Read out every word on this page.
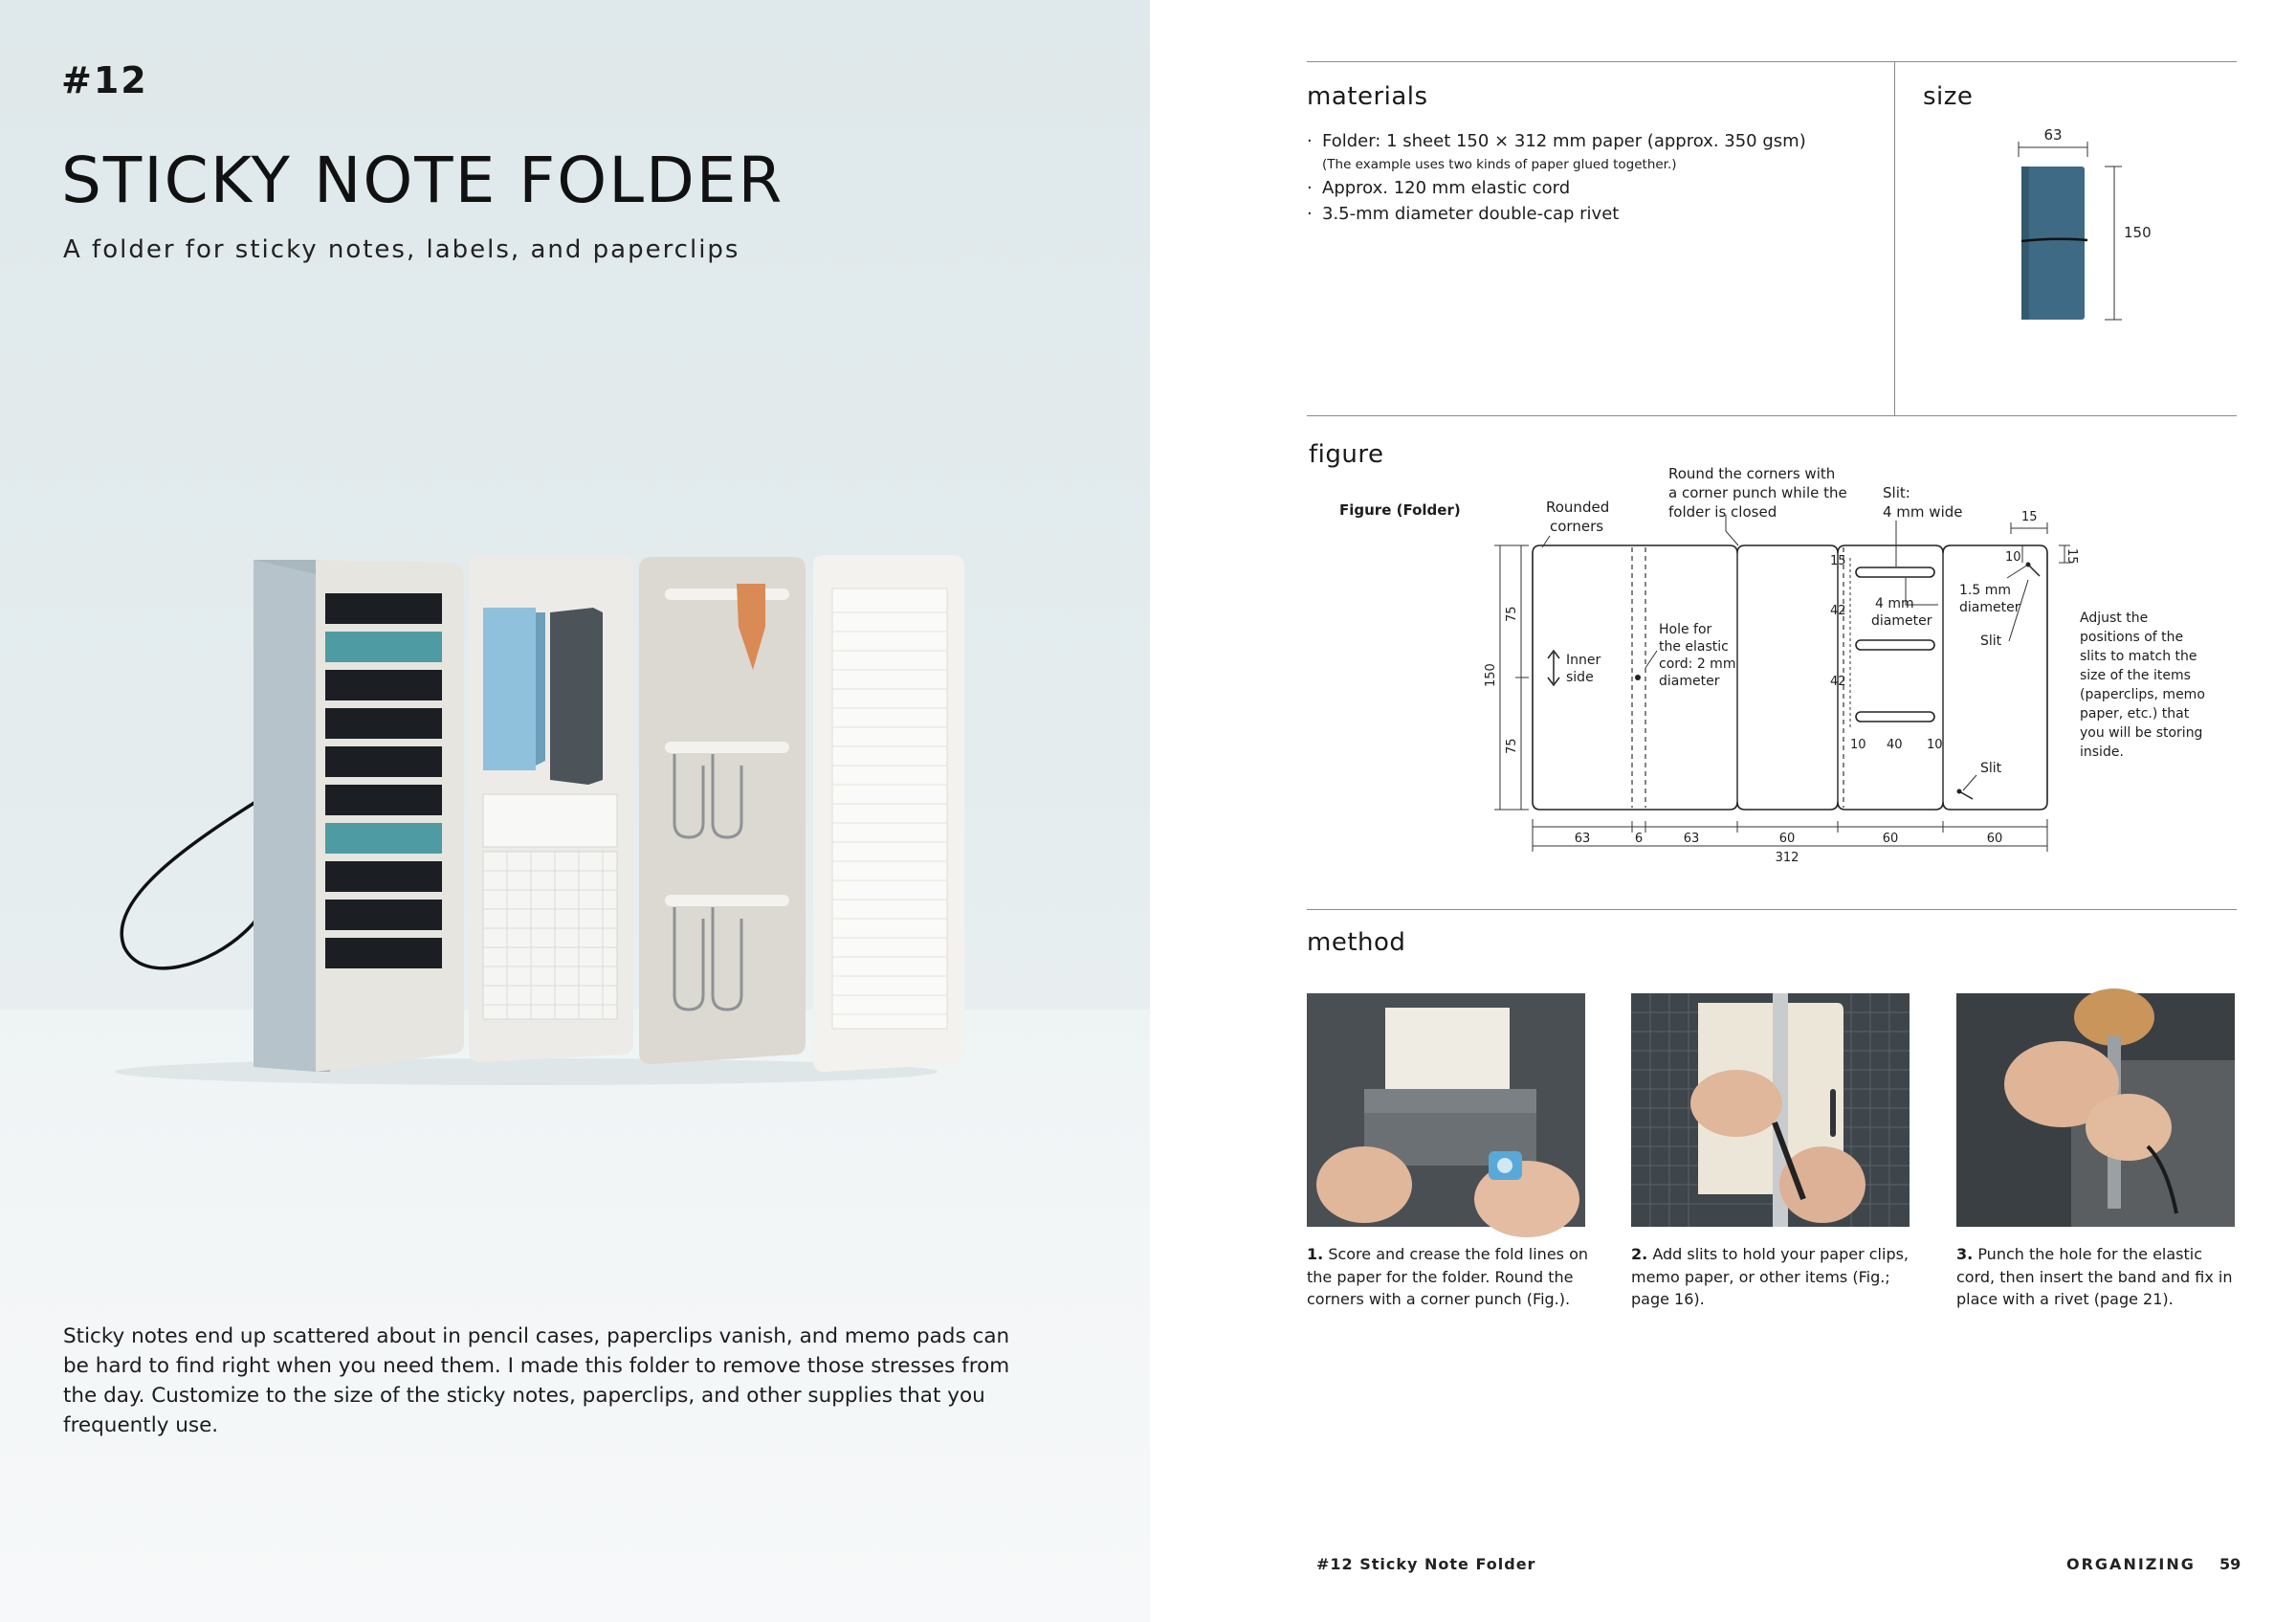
#12
STICKY NOTE FOLDER
A folder for sticky notes, labels, and paperclips

Sticky notes end up scattered about in pencil cases, paperclips vanish, and memo pads can be hard to find right when you need them. I made this folder to remove those stresses from the day. Customize to the size of the sticky notes, paperclips, and other supplies that you frequently use.

materials
· Folder: 1 sheet 150 × 312 mm paper (approx. 350 gsm)
(The example uses two kinds of paper glued together.)
· Approx. 120 mm elastic cord
· 3.5-mm diameter double-cap rivet
size
63
150
figure
Figure (Folder)	Rounded
corners
Round the corners with
a corner punch while the
folder is closed
Slit:
4 mm wide
Inner
side
Hole for
the elastic
cord: 2 mm
diameter
4 mm
diameter
1.5 mm
diameter
Slit
Slit
Adjust the
positions of the
slits to match the
size of the items
(paperclips, memo
paper, etc.) that
you will be storing
inside.
150
75
75
63	6	63	60	60	60
312
15
15
10
15
42
42
10 40 10
method
1. Score and crease the fold lines on the paper for the folder. Round the corners with a corner punch (Fig.).
2. Add slits to hold your paper clips, memo paper, or other items (Fig.; page 16).
3. Punch the hole for the elastic cord, then insert the band and fix in place with a rivet (page 21).
#12 Sticky Note Folder	ORGANIZING 59
